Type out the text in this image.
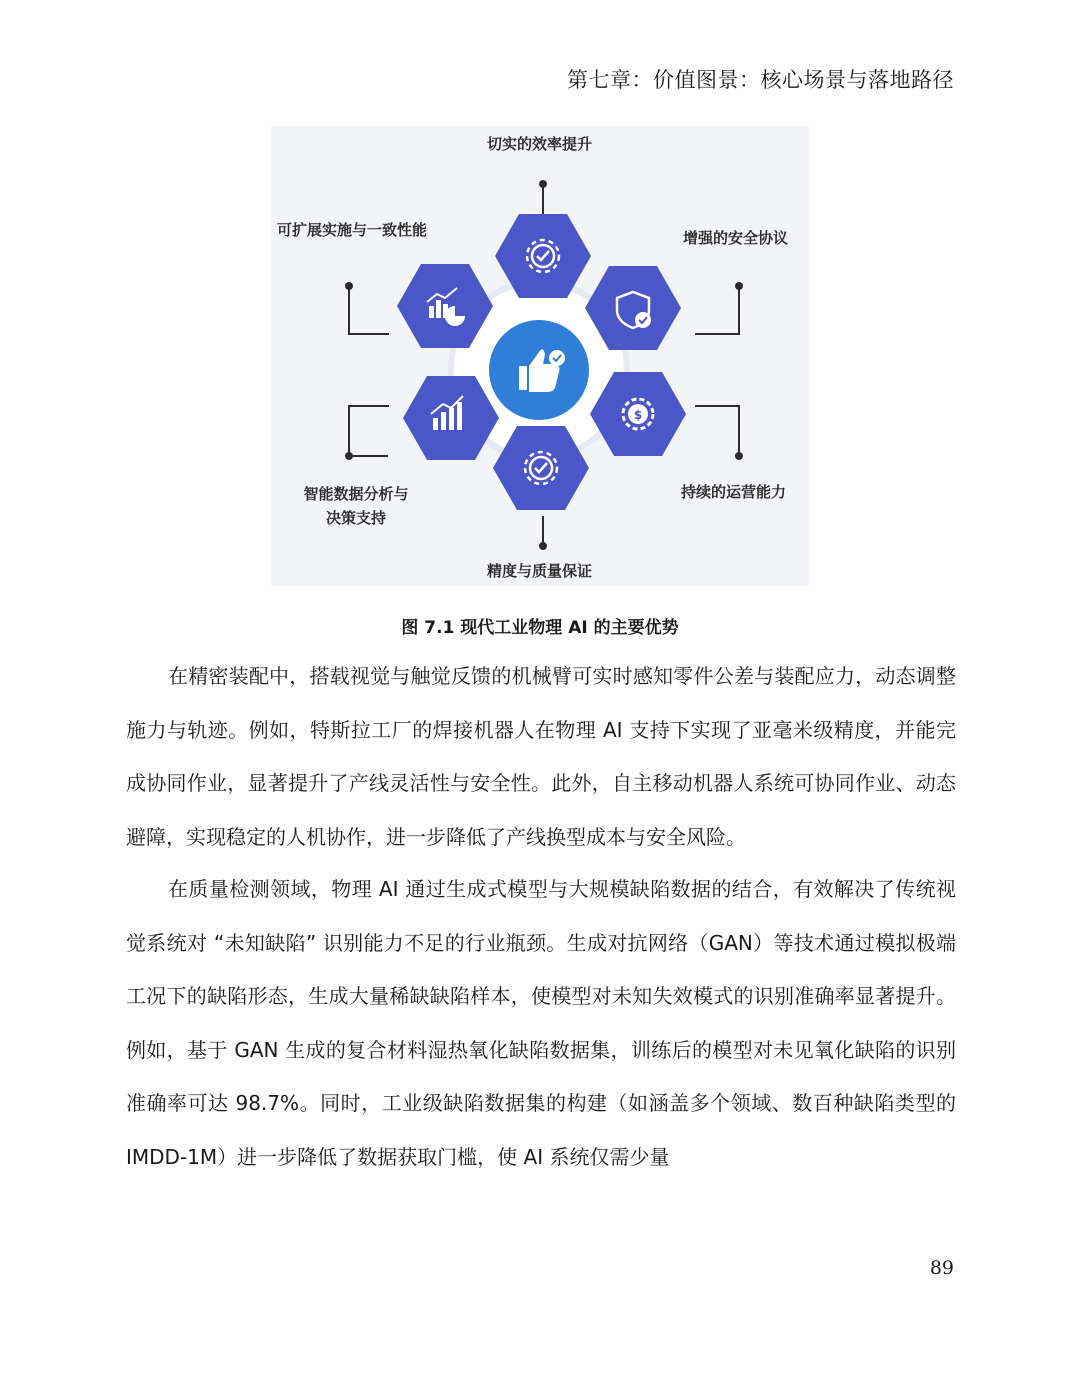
第七章：价值图景：核心场景与落地路径
$
切实的效率提升
可扩展实施与一致性能	增强的安全协议
智能数据分析与
决策支持
持续的运营能力
精度与质量保证
图 7.1 现代工业物理 AI 的主要优势

在精密装配中，搭载视觉与触觉反馈的机械臂可实时感知零件公差与装配应力，动态调整施力与轨迹。例如，特斯拉工厂的焊接机器人在物理 AI 支持下实现了亚毫米级精度，并能完成协同作业，显著提升了产线灵活性与安全性。此外，自主移动机器人系统可协同作业、动态避障，实现稳定的人机协作，进一步降低了产线换型成本与安全风险。

在质量检测领域，物理 AI 通过生成式模型与大规模缺陷数据的结合，有效解决了传统视觉系统对 “未知缺陷” 识别能力不足的行业瓶颈。生成对抗网络（GAN）等技术通过模拟极端工况下的缺陷形态，生成大量稀缺缺陷样本，使模型对未知失效模式的识别准确率显著提升。例如，基于 GAN 生成的复合材料湿热氧化缺陷数据集，训练后的模型对未见氧化缺陷的识别准确率可达 98.7%。同时，工业级缺陷数据集的构建（如涵盖多个领域、数百种缺陷类型的 IMDD-1M）进一步降低了数据获取门槛，使 AI 系统仅需少量

89
